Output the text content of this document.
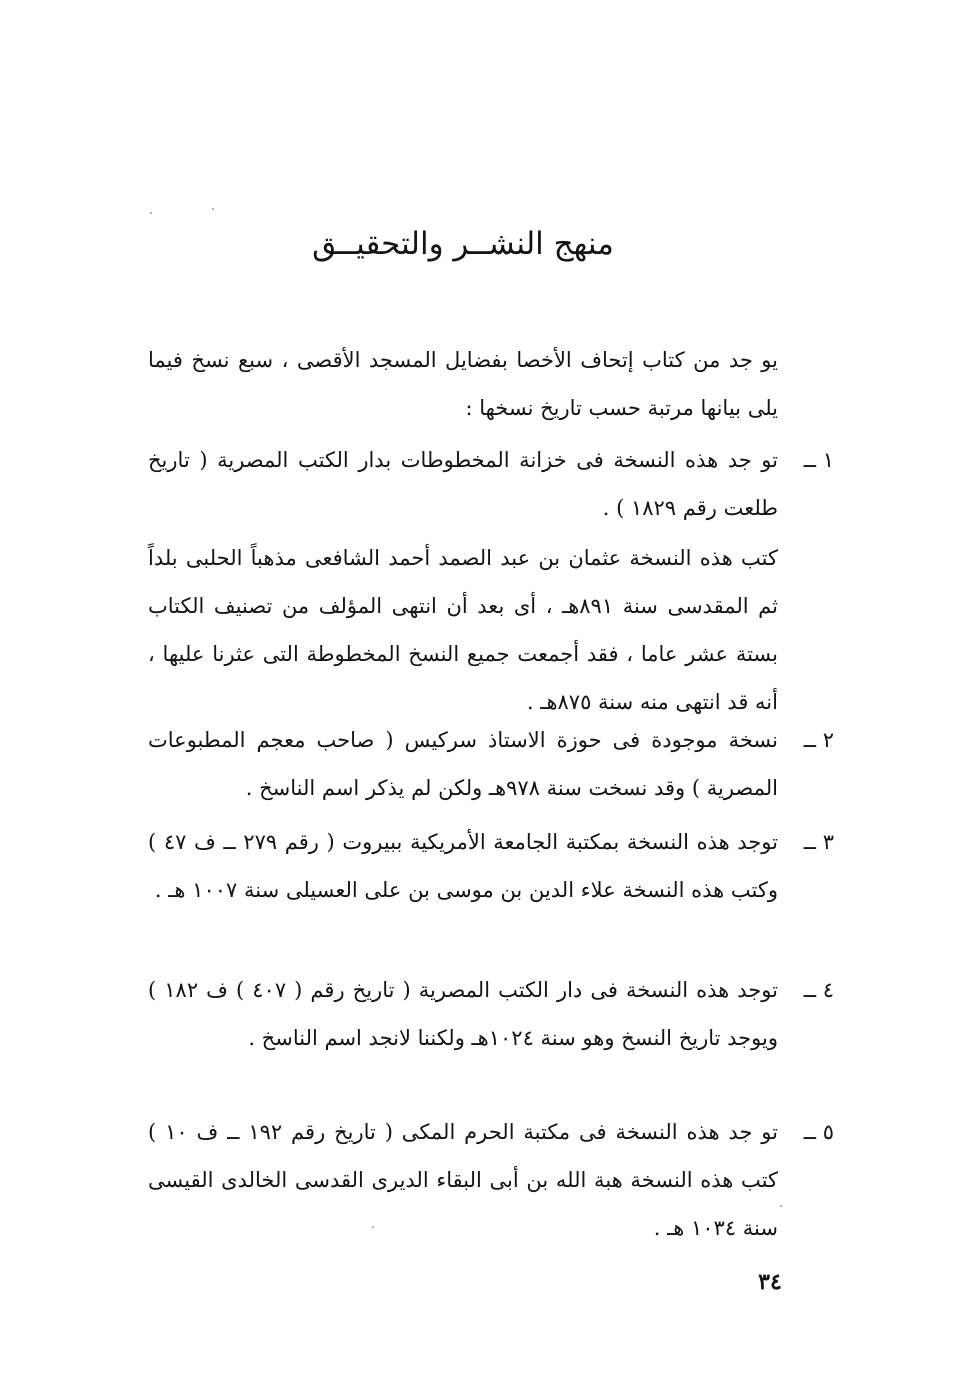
منهج النشــر والتحقيــق
يو جد من كتاب إتحاف الأخصا بفضايل المسجد الأقصى ، سبع نسخ فيما يلى بيانها مرتبة حسب تاريخ نسخها :
١ ــ
تو جد هذه النسخة فى خزانة المخطوطات بدار الكتب المصرية ( تاريخ طلعت رقم ١٨٢٩ ) .
كتب هذه النسخة عثمان بن عبد الصمد أحمد الشافعى مذهباً الحلبى بلداً ثم المقدسى سنة ٨٩١هـ ، أى بعد أن انتهى المؤلف من تصنيف الكتاب بستة عشر عاما ، فقد أجمعت جميع النسخ المخطوطة التى عثرنا عليها ، أنه قد انتهى منه سنة ٨٧٥هـ .
٢ ــ
نسخة موجودة فى حوزة الاستاذ سركيس ( صاحب معجم المطبوعات المصرية ) وقد نسخت سنة ٩٧٨هـ ولكن لم يذكر اسم الناسخ .
٣ ــ
توجد هذه النسخة بمكتبة الجامعة الأمريكية ببيروت ( رقم ٢٧٩ ــ ف ٤٧ ) وكتب هذه النسخة علاء الدين بن موسى بن على العسيلى سنة ١٠٠٧ هـ .
٤ ــ
توجد هذه النسخة فى دار الكتب المصرية ( تاريخ رقم ( ٤٠٧ ) ف ١٨٢ ) ويوجد تاريخ النسخ وهو سنة ١٠٢٤هـ ولكننا لانجد اسم الناسخ .
٥ ــ
تو جد هذه النسخة فى مكتبة الحرم المكى ( تاريخ رقم ١٩٢ ــ ف ١٠ ) كتب هذه النسخة هبة الله بن أبى البقاء الديرى القدسى الخالدى القيسى سنة ١٠٣٤ هـ .
٣٤
